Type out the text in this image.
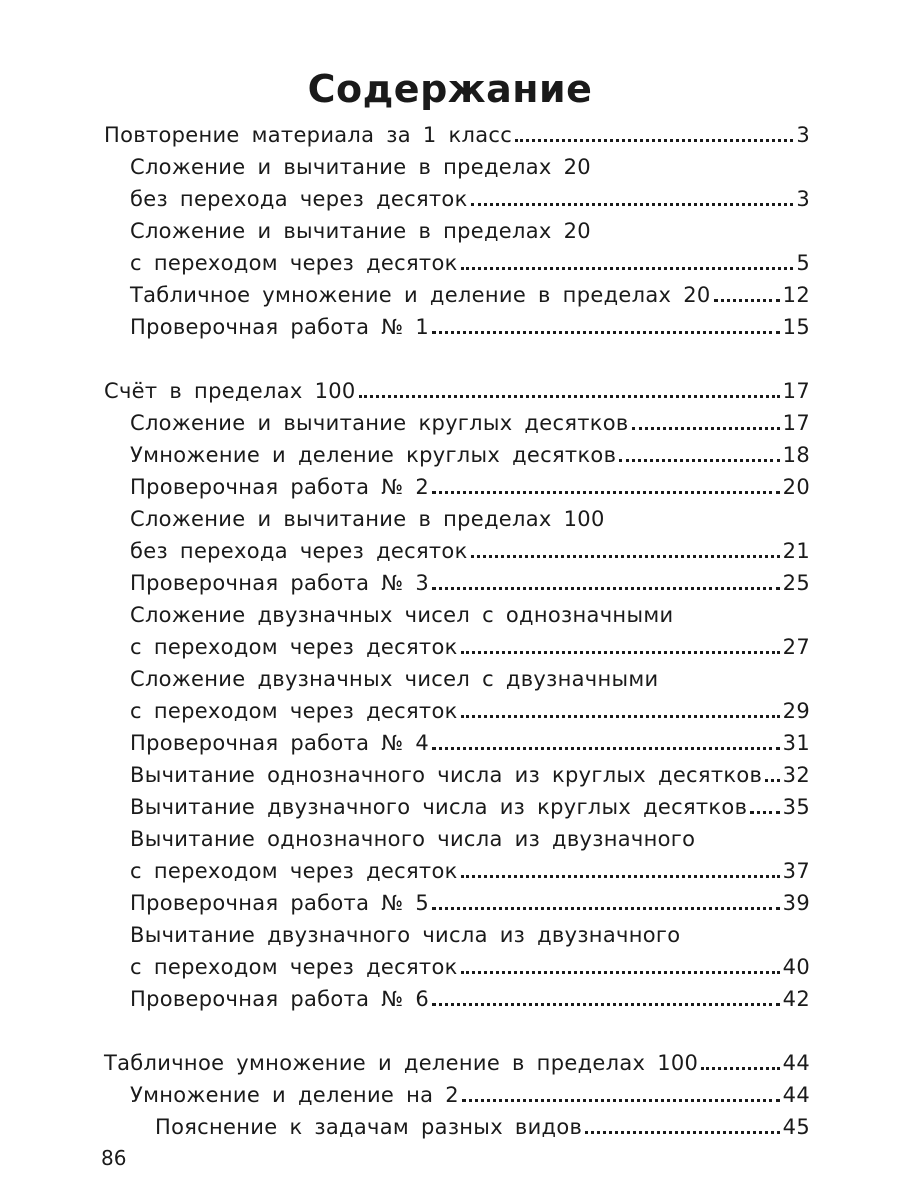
Содержание
Повторение материала за 1 класс	3
Сложение и вычитание в пределах 20
без перехода через десяток	3
Сложение и вычитание в пределах 20
с переходом через десяток	5
Табличное умножение и деление в пределах 20	12
Проверочная работа № 1	15
Счёт в пределах 100	17
Сложение и вычитание круглых десятков	17
Умножение и деление круглых десятков	18
Проверочная работа № 2	20
Сложение и вычитание в пределах 100
без перехода через десяток	21
Проверочная работа № 3	25
Сложение двузначных чисел с однозначными
с переходом через десяток	27
Сложение двузначных чисел с двузначными
с переходом через десяток	29
Проверочная работа № 4	31
Вычитание однозначного числа из круглых десятков 32
Вычитание двузначного числа из круглых десятков 35
Вычитание однозначного числа из двузначного
с переходом через десяток	37
Проверочная работа № 5	39
Вычитание двузначного числа из двузначного
с переходом через десяток	40
Проверочная работа № 6	42
Табличное умножение и деление в пределах 100	44
Умножение и деление на 2	44
Пояснение к задачам разных видов	45
86
